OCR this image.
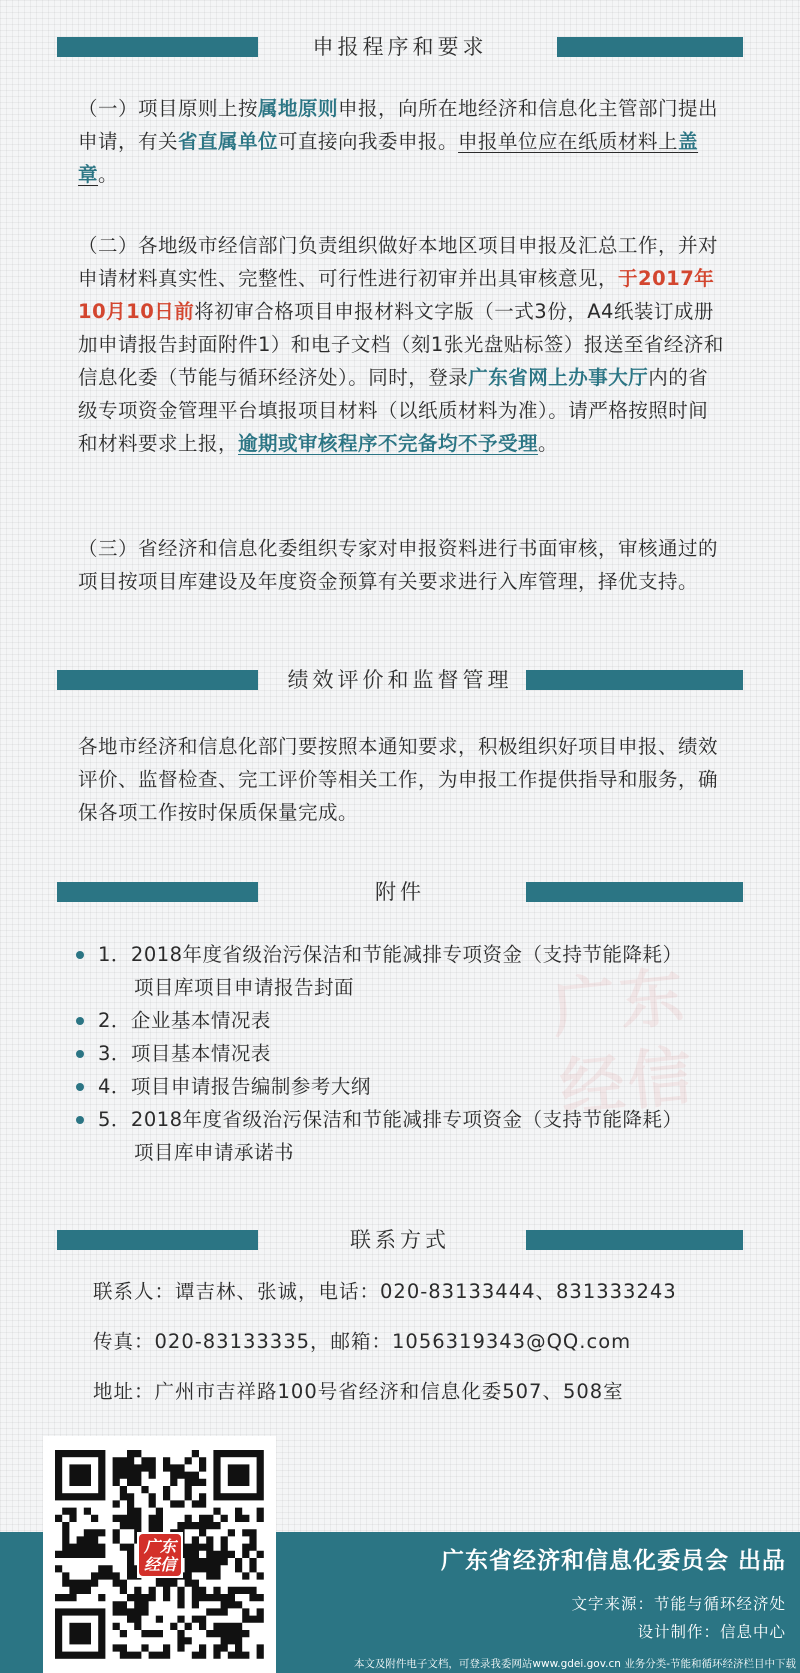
申报程序和要求

（一）项目原则上按属地原则申报，向所在地经济和信息化主管部门提出申请，有关省直属单位可直接向我委申报。申报单位应在纸质材料上盖章。

（二）各地级市经信部门负责组织做好本地区项目申报及汇总工作，并对申请材料真实性、完整性、可行性进行初审并出具审核意见，于2017年10月10日前将初审合格项目申报材料文字版（一式3份，A4纸装订成册加申请报告封面附件1）和电子文档（刻1张光盘贴标签）报送至省经济和信息化委（节能与循环经济处）。同时，登录广东省网上办事大厅内的省级专项资金管理平台填报项目材料（以纸质材料为准）。请严格按照时间和材料要求上报，逾期或审核程序不完备均不予受理。

（三）省经济和信息化委组织专家对申报资料进行书面审核，审核通过的项目按项目库建设及年度资金预算有关要求进行入库管理，择优支持。

绩效评价和监督管理

各地市经济和信息化部门要按照本通知要求，积极组织好项目申报、绩效评价、监督检查、完工评价等相关工作，为申报工作提供指导和服务，确保各项工作按时保质保量完成。

附件
广东
经信
1．2018年度省级治污保洁和节能减排专项资金（支持节能降耗）
项目库项目申请报告封面
2．企业基本情况表
3．项目基本情况表
4．项目申请报告编制参考大纲
5．2018年度省级治污保洁和节能减排专项资金（支持节能降耗）
项目库申请承诺书
联系方式
联系人：谭吉林、张诚，电话：020-83133444、831333243
传真：020-83133335，邮箱：1056319343@QQ.com
地址：广州市吉祥路100号省经济和信息化委507、508室
广东省经济和信息化委员会 出品
文字来源：节能与循环经济处
设计制作：信息中心
本文及附件电子文档，可登录我委网站www.gdei.gov.cn 业务分类-节能和循环经济栏目中下载
广东
经信
